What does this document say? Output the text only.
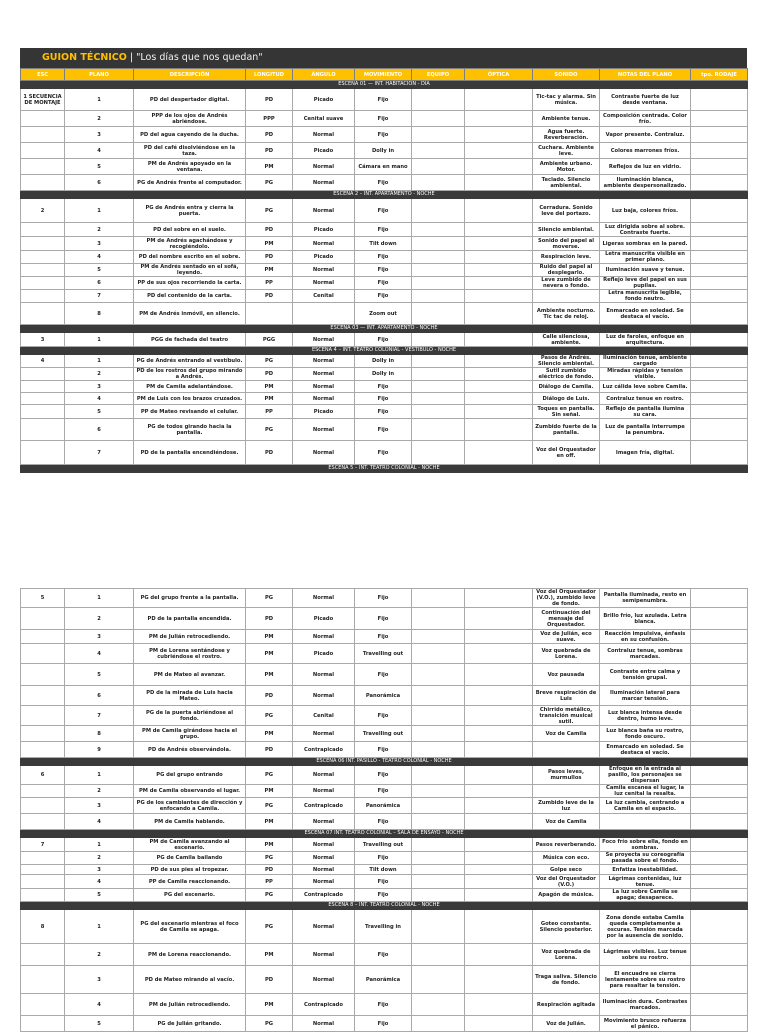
GUION TÉCNICO | "Los días que nos quedan"
ESC	PLANO	DESCRIPCIÓN	LONGITUD	ÁNGULO	MOVIMIENTO	EQUIPO	ÓPTICA	SONIDO	NOTAS DEL PLANO	tpo. RODAJE
ESCENA 01 — INT. HABITACIÓN - DÍA										
1 SECUENCIA DE MONTAJE	1	PD del despertador digital.	PD	Picado	Fijo			Tic-tac y alarma. Sin música.	Contraste fuerte de luz desde ventana.	
	2	PPP de los ojos de Andrés abriéndose.	PPP	Cenital suave	Fijo			Ambiente tenue.	Composición centrada. Color frío.	
	3	PD del agua cayendo de la ducha.	PD	Normal	Fijo			Agua fuerte. Reverberación.	Vapor presente. Contraluz.	
	4	PD del café disolviéndose en la taza.	PD	Picado	Dolly in			Cuchara. Ambiente leve.	Colores marrones fríos.	
	5	PM de Andrés apoyado en la ventana.	PM	Normal	Cámara en mano			Ambiente urbano. Motor.	Reflejos de luz en vidrio.	
	6	PG de Andrés frente al computador.	PG	Normal	Fijo			Teclado. Silencio ambiental.	Iluminación blanca, ambiente despersonalizado.	
ESCENA 2 – INT. APARTAMENTO - NOCHE										
2	1	PG de Andrés entra y cierra la puerta.	PG	Normal	Fijo			Cerradura. Sonido leve del portazo.	Luz baja, colores fríos.	
	2	PD del sobre en el suelo.	PD	Picado	Fijo			Silencio ambiental.	Luz dirigida sobre al sobre. Contraste fuerte.	
	3	PM de Andrés agachándose y recogiéndolo.	PM	Normal	Tilt down			Sonido del papel al moverse.	Ligeras sombras en la pared.	
	4	PD del nombre escrito en el sobre.	PD	Picado	Fijo			Respiración leve.	Letra manuscrita visible en primer plano.	
	5	PM de Andrés sentado en el sofá, leyendo.	PM	Normal	Fijo			Ruido del papel al desplegarlo.	Iluminación suave y tenue.	
	6	PP de sus ojos recorriendo la carta.	PP	Normal	Fijo			Leve zumbido de nevera o fondo.	Reflejo leve del papel en sus pupilas.	
	7	PD del contenido de la carta.	PD	Cenital	Fijo				Letra manuscrita legible, fondo neutro.	
	8	PM de Andrés inmóvil, en silencio.			Zoom out			Ambiente nocturno. Tic tac de reloj.	Enmarcado en soledad. Se destaca el vacío.	
ESCENA 03 — INT. APARTAMENTO - NOCHE										
3	1	PGG de fachada del teatro	PGG	Normal	Fijo			Calle silenciosa, ambiente.	Luz de faroles, enfoque en arquitectura.	
ESCENA 4 – INT. TEATRO COLONIAL - VESTÍBULO - NOCHE										
4	1	PG de Andrés entrando al vestíbulo.	PG	Normal	Dolly in			Pasos de Andrés. Silencio ambiental.	Iluminación tenue, ambiente cargado	
	2	PD de los rostros del grupo mirando a Andrés.	PD	Normal	Dolly in			Sutil zumbido eléctrico de fondo.	Miradas rápidas y tensión visible.	
	3	PM de Camila adelantándose.	PM	Normal	Fijo			Diálogo de Camila.	Luz cálida leve sobre Camila.	
	4	PM de Luis con los brazos cruzados.	PM	Normal	Fijo			Diálogo de Luis.	Contraluz tenue en rostro.	
	5	PP de Mateo revisando el celular.	PP	Picado	Fijo			Toques en pantalla. Sin señal.	Reflejo de pantalla ilumina su cara.	
	6	PG de todos girando hacia la pantalla.	PG	Normal	Fijo			Zumbido fuerte de la pantalla.	Luz de pantalla interrumpe la penumbra.	
	7	PD de la pantalla encendiéndose.	PD	Normal	Fijo			Voz del Orquestador en off.	Imagen fría, digital.	
ESCENA 5 – INT. TEATRO COLONIAL - NOCHE										
5	1	PG del grupo frente a la pantalla.	PG	Normal	Fijo			Voz del Orquestador (V.O.), zumbido leve de fondo.	Pantalla iluminada, resto en semipenumbra.	
	2	PD de la pantalla encendida.	PD	Picado	Fijo			Continuación del mensaje del Orquestador.	Brillo frío, luz azulada. Letra blanca.	
	3	PM de Julián retrocediendo.	PM	Normal	Fijo			Voz de Julián, eco suave.	Reacción impulsiva, énfasis en su confusión.	
	4	PM de Lorena sentándose y cubriéndose el rostro.	PM	Picado	Travelling out			Voz quebrada de Lorena.	Contraluz tenue, sombras marcadas.	
	5	PM de Mateo al avanzar.	PM	Normal	Fijo			Voz pausada	Contraste entre calma y tensión grupal.	
	6	PD de la mirada de Luis hacia Mateo.	PD	Normal	Panorámica			Breve respiración de Luis	Iluminación lateral para marcar tensión.	
	7	PG de la puerta abriéndose al fondo.	PG	Cenital	Fijo			Chirrido metálico, transición musical sutil.	Luz blanca intensa desde dentro, humo leve.	
	8	PM de Camila girándose hacia el grupo.	PM	Normal	Travelling out			Voz de Camila	Luz blanca baña su rostro, fondo oscuro.	
	9	PD de Andrés observándola.	PD	Contrapicado	Fijo				Enmarcado en soledad. Se destaca el vacío.	
ESCENA 06 INT. PASILLO - TEATRO COLONIAL - NOCHE										
6	1	PG del grupo entrando	PG	Normal	Fijo			Pasos leves, murmullos	Enfoque en la entrada al pasillo, los personajes se dispersan	
	2	PM de Camila observando el lugar.	PM	Normal	Fijo				Camila escanea el lugar, la luz cenital la resalta.	
	3	PG de los cambiantes de dirección y enfocando a Camila.	PG	Contrapicado	Panorámica			Zumbido leve de la luz	La luz cambia, centrando a Camila en el espacio.	
	4	PM de Camila hablando.	PM	Normal	Fijo			Voz de Camila		
ESCENA 07 INT. TEATRO COLONIAL – SALA DE ENSAYO - NOCHE										
7	1	PM de Camila avanzando al escenario.	PM	Normal	Travelling out			Pasos reverberando.	Foco frío sobre ella, fondo en sombras.	
	2	PG de Camila bailando	PG	Normal	Fijo			Música con eco.	Se proyecta su coreografía pasada sobre el fondo.	
	3	PD de sus pies al tropezar.	PD	Normal	Tilt down			Golpe seco	Enfatiza inestabilidad.	
	4	PP de Camila reaccionando.	PP	Normal	Fijo			Voz del Orquestador (V.O.)	Lágrimas contenidas, luz tenue.	
	5	PG del escenario.	PG	Contrapicado	Fijo			Apagón de música.	La luz sobre Camila se apaga; desaparece.	
ESCENA 8 – INT. TEATRO COLONIAL - NOCHE										
8	1	PG del escenario mientras el foco de Camila se apaga.	PG	Normal	Travelling in			Goteo constante. Silencio posterior.	Zona donde estaba Camila queda completamente a oscuras. Tensión marcada por la ausencia de sonido.	
	2	PM de Lorena reaccionando.	PM	Normal	Fijo			Voz quebrada de Lorena.	Lágrimas visibles. Luz tenue sobre su rostro.	
	3	PD de Mateo mirando al vacío.	PD	Normal	Panorámica			Traga saliva. Silencio de fondo.	El encuadre se cierra lentamente sobre su rostro para resaltar la tensión.	
	4	PM de Julián retrocediendo.	PM	Contrapicado	Fijo			Respiración agitada	Iluminación dura. Contrastes marcados.	
	5	PG de Julián gritando.	PG	Normal	Fijo			Voz de Julián.	Movimiento brusco refuerza el pánico.	
